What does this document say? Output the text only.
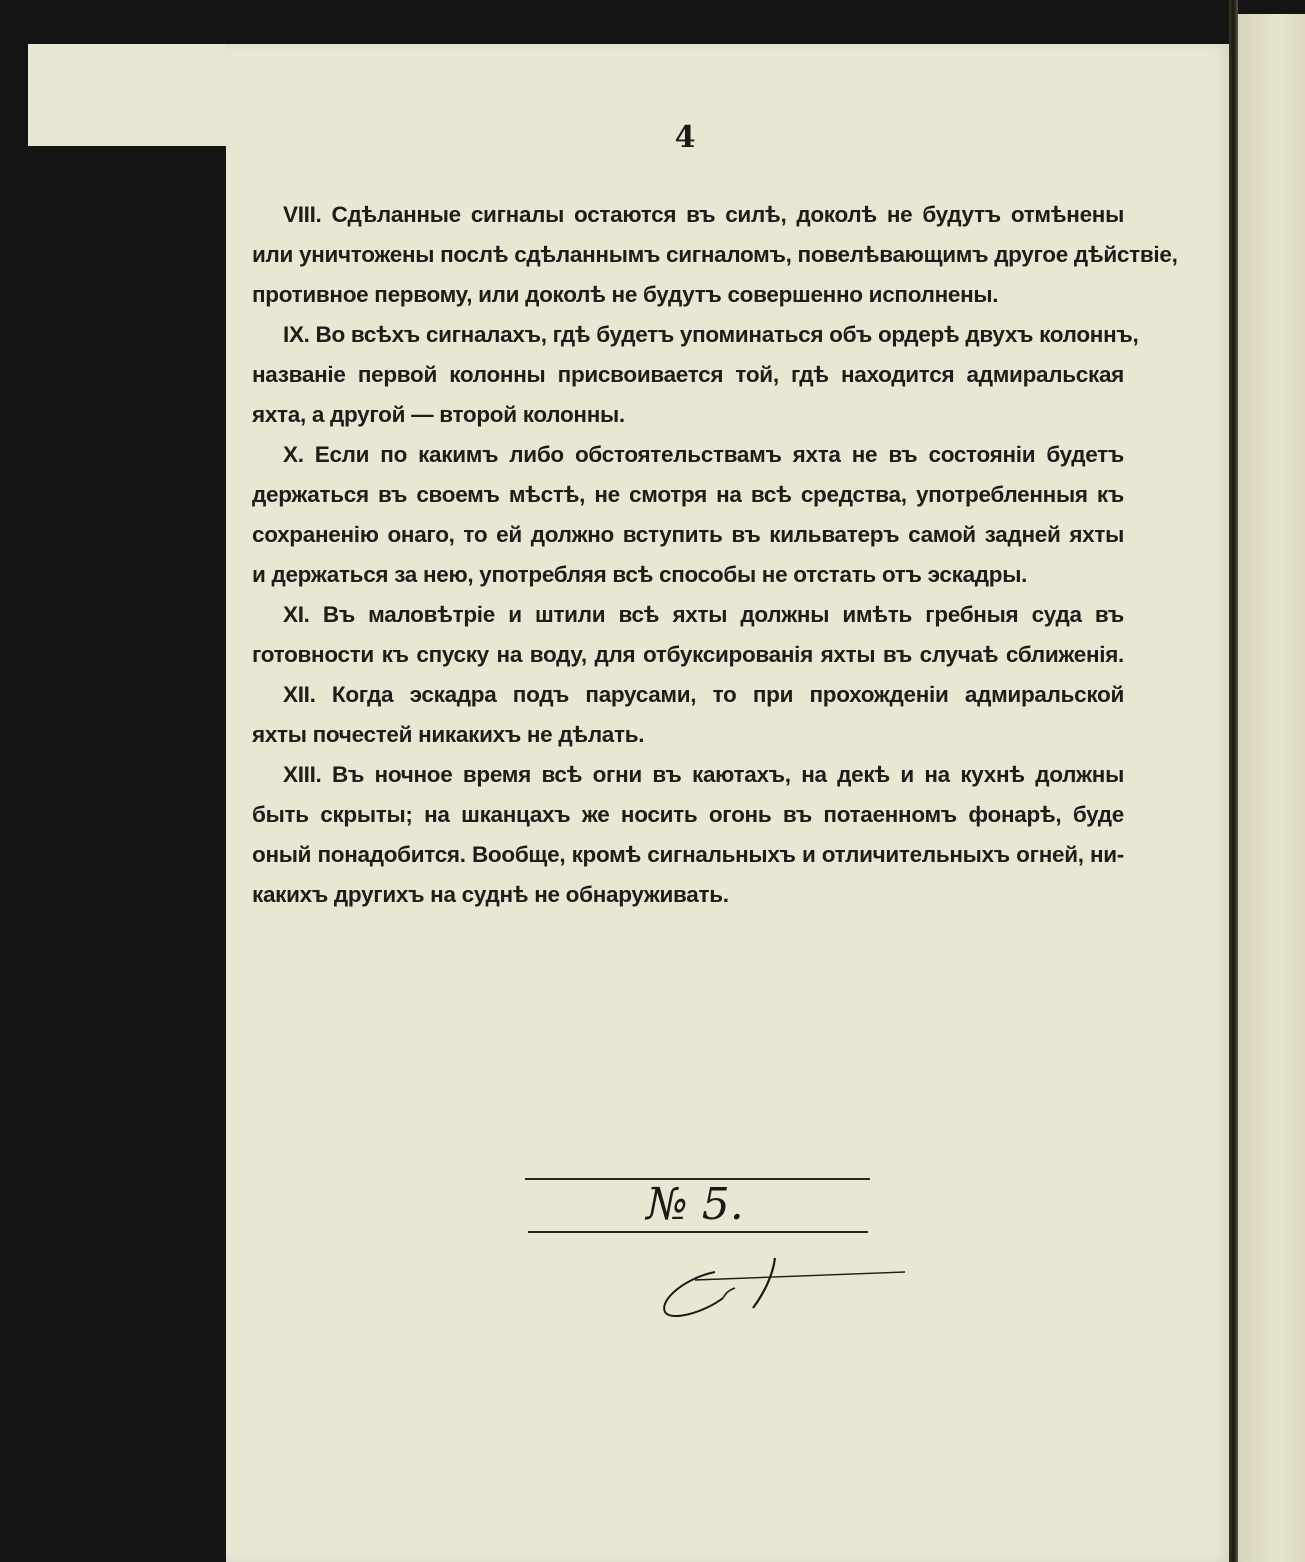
4
VIII. Сдѣланные сигналы остаются въ силѣ, доколѣ не будутъ отмѣнены
или уничтожены послѣ сдѣланнымъ сигналомъ, повелѣвающимъ другое дѣйствіе,
противное первому, или доколѣ не будутъ совершенно исполнены.
IX. Во всѣхъ сигналахъ, гдѣ будетъ упоминаться объ ордерѣ двухъ колоннъ,
названіе первой колонны присвоивается той, гдѣ находится адмиральская
яхта, а другой — второй колонны.
X. Если по какимъ либо обстоятельствамъ яхта не въ состояніи будетъ
держаться въ своемъ мѣстѣ, не смотря на всѣ средства, употребленныя къ
сохраненію онаго, то ей должно вступить въ кильватеръ самой задней яхты
и держаться за нею, употребляя всѣ способы не отстать отъ эскадры.
XI. Въ маловѣтріе и штили всѣ яхты должны имѣть гребныя суда въ
готовности къ спуску на воду, для отбуксированія яхты въ случаѣ сближенія.
XII. Когда эскадра подъ парусами, то при прохожденіи адмиральской
яхты почестей никакихъ не дѣлать.
XIII. Въ ночное время всѣ огни въ каютахъ, на декѣ и на кухнѣ должны
быть скрыты; на шканцахъ же носить огонь въ потаенномъ фонарѣ, буде
оный понадобится. Вообще, кромѣ сигнальныхъ и отличительныхъ огней, ни-
какихъ другихъ на суднѣ не обнаруживать.
№ 5.
